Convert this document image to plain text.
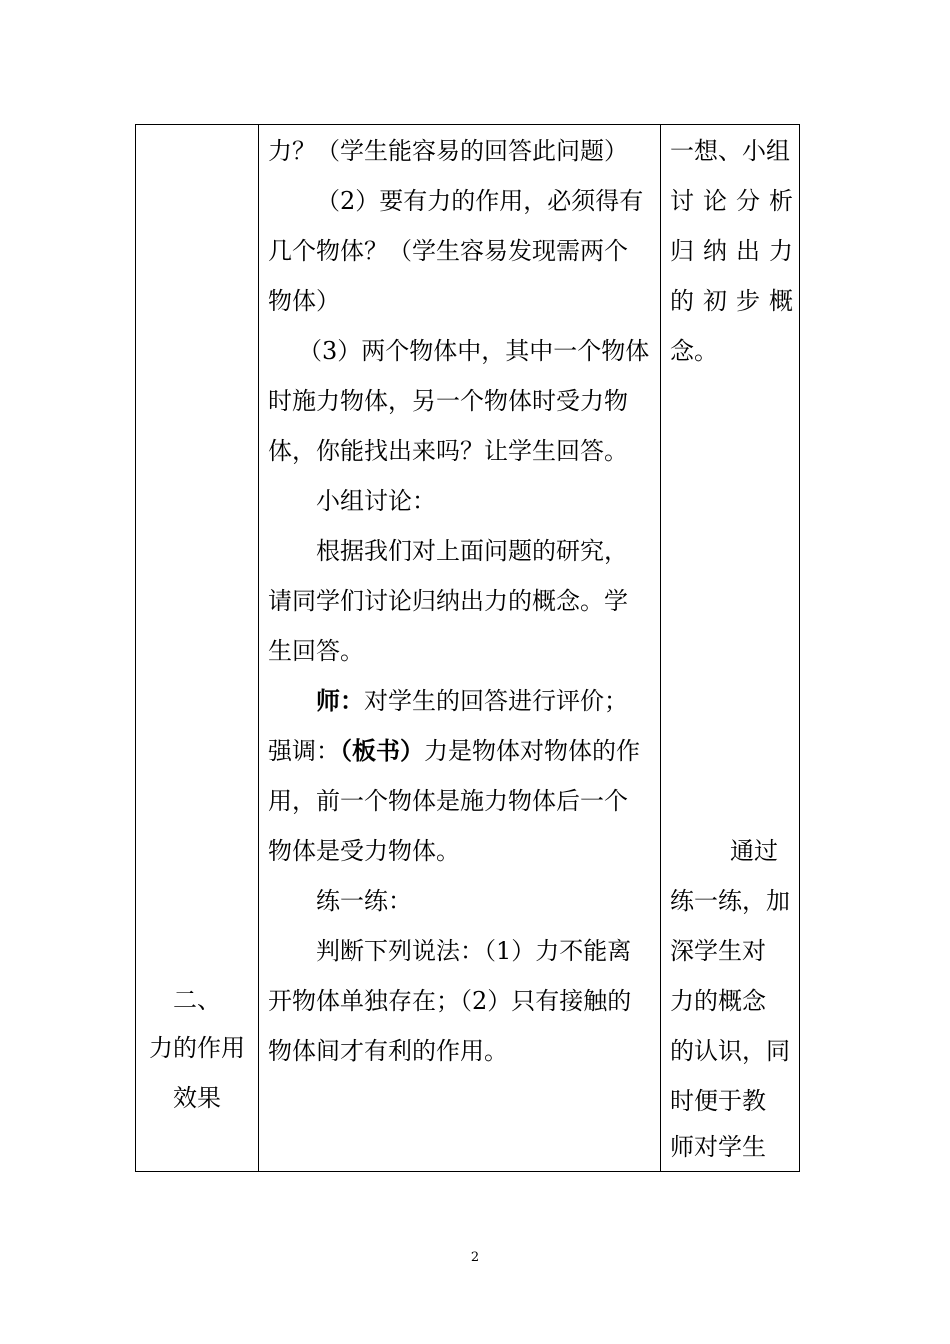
二、
力的作用
效果
力？（学生能容易的回答此问题）
（2）要有力的作用，必须得有
几个物体？（学生容易发现需两个
物体）
（3）两个物体中，其中一个物体
时施力物体，另一个物体时受力物
体，你能找出来吗？让学生回答。
小组讨论：
根据我们对上面问题的研究，
请同学们讨论归纳出力的概念。学
生回答。
师：对学生的回答进行评价；
强调：（板书）力是物体对物体的作
用，前一个物体是施力物体后一个
物体是受力物体。
练一练：
判断下列说法：（1）力不能离
开物体单独存在；（2）只有接触的
物体间才有利的作用。
一想、小组
讨论分析
归纳出力
的初步概
念。
通过
练一练，加
深学生对
力的概念
的认识，同
时便于教
师对学生
2
